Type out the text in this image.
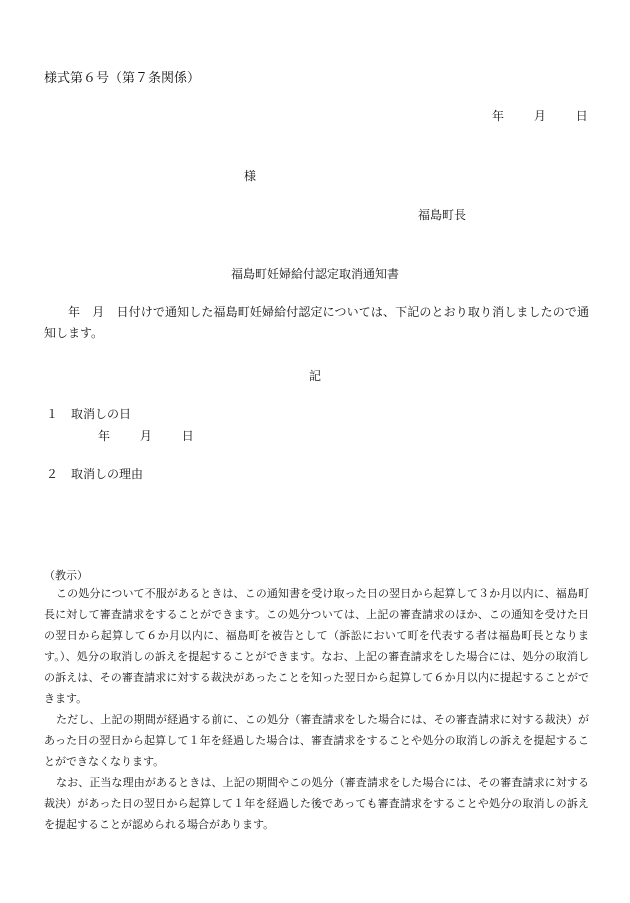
様式第６号（第７条関係）
年 月 日
様
福島町長
福島町妊婦給付認定取消通知書
年　月　日付けで通知した福島町妊婦給付認定については、下記のとおり取り消しましたので通知します。
記
１ 取消しの日
年 月 日
２ 取消しの理由
（教示）

この処分について不服があるときは、この通知書を受け取った日の翌日から起算して３か月以内に、福島町長に対して審査請求をすることができます。この処分ついては、上記の審査請求のほか、この通知を受けた日の翌日から起算して６か月以内に、福島町を被告として（訴訟において町を代表する者は福島町長となります。）、処分の取消しの訴えを提起することができます。なお、上記の審査請求をした場合には、処分の取消しの訴えは、その審査請求に対する裁決があったことを知った翌日から起算して６か月以内に提起することができます。

ただし、上記の期間が経過する前に、この処分（審査請求をした場合には、その審査請求に対する裁決）があった日の翌日から起算して１年を経過した場合は、審査請求をすることや処分の取消しの訴えを提起することができなくなります。

なお、正当な理由があるときは、上記の期間やこの処分（審査請求をした場合には、その審査請求に対する裁決）があった日の翌日から起算して１年を経過した後であっても審査請求をすることや処分の取消しの訴えを提起することが認められる場合があります。
